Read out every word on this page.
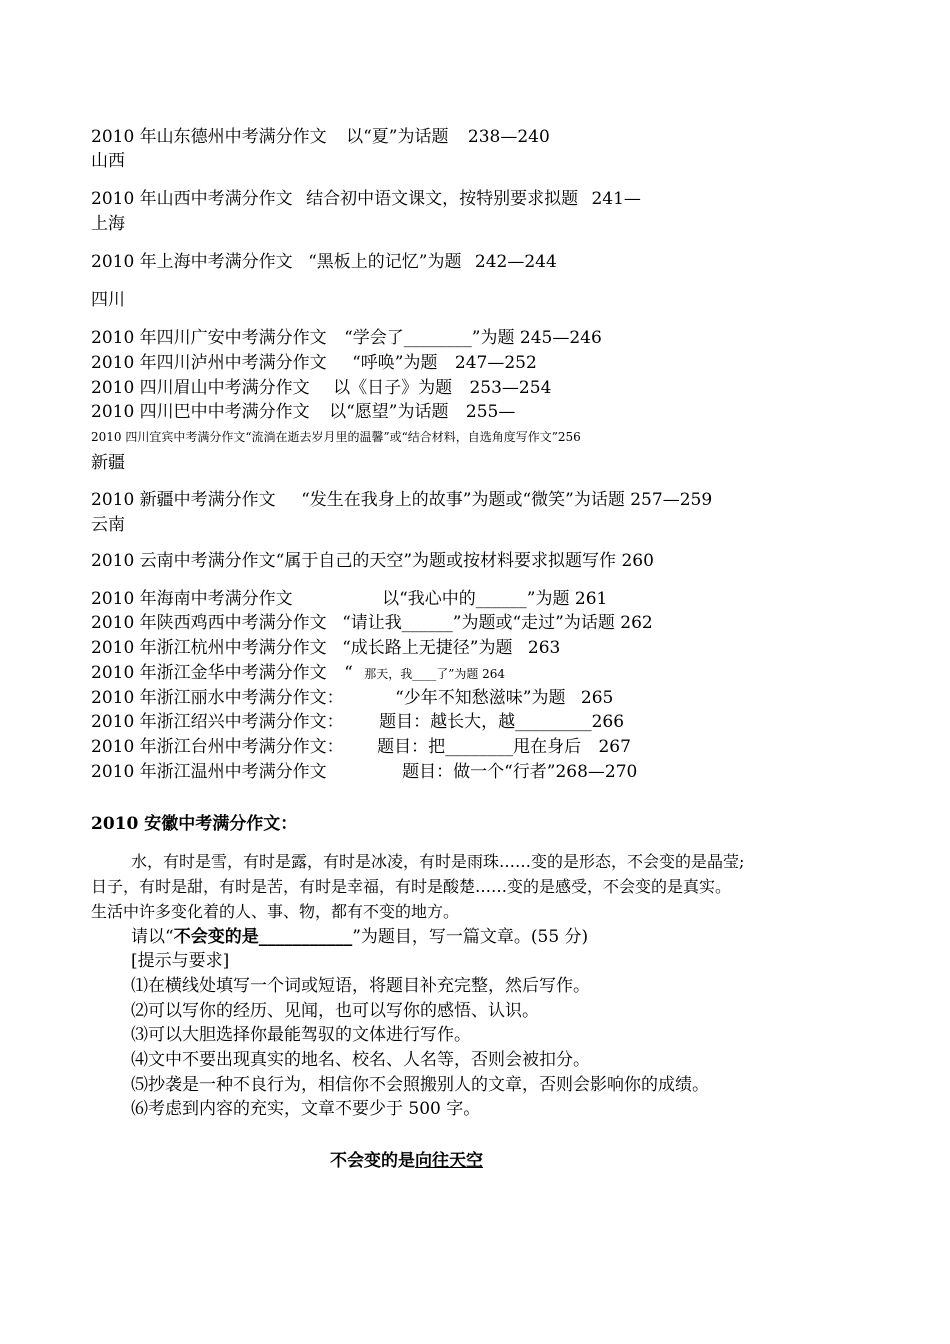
2010 年山东德州中考满分作文 以“夏”为话题 238—240
山西
2010 年山西中考满分作文 结合初中语文课文，按特别要求拟题 241—
上海
2010 年上海中考满分作文 “黑板上的记忆”为题 242—244
四川
2010 年四川广安中考满分作文 “学会了________”为题 245—246
2010 年四川泸州中考满分作文 “呼唤”为题 247—252
2010 四川眉山中考满分作文 以《日子》为题 253—254
2010 四川巴中中考满分作文 以“愿望”为话题 255—
2010 四川宜宾中考满分作文“流淌在逝去岁月里的温馨”或“结合材料，自选角度写作文”256
新疆
2010 新疆中考满分作文 “发生在我身上的故事”为题或“微笑”为话题 257—259
云南
2010 云南中考满分作文“属于自己的天空”为题或按材料要求拟题写作 260
2010 年海南中考满分作文	以“我心中的______”为题 261
2010 年陕西鸡西中考满分作文 “请让我______”为题或“走过”为话题 262
2010 年浙江杭州中考满分作文 “成长路上无捷径”为题 263
2010 年浙江金华中考满分作文 “ 那天，我____了”为题 264
2010 年浙江丽水中考满分作文：	“少年不知愁滋味”为题 265
2010 年浙江绍兴中考满分作文： 题目：越长大，越_________266
2010 年浙江台州中考满分作文： 题目：把________甩在身后 267
2010 年浙江温州中考满分作文	题目：做一个“行者”268—270
2010 安徽中考满分作文：
水，有时是雪，有时是露，有时是冰凌，有时是雨珠……变的是形态，不会变的是晶莹;
日子，有时是甜，有时是苦，有时是幸福，有时是酸楚……变的是感受，不会变的是真实。
生活中许多变化着的人、事、物，都有不变的地方。
请以“不会变的是___________”为题目，写一篇文章。(55 分)
[提示与要求]
⑴在横线处填写一个词或短语，将题目补充完整，然后写作。
⑵可以写你的经历、见闻，也可以写你的感悟、认识。
⑶可以大胆选择你最能驾驭的文体进行写作。
⑷文中不要出现真实的地名、校名、人名等，否则会被扣分。
⑸抄袭是一种不良行为，相信你不会照搬别人的文章，否则会影响你的成绩。
⑹考虑到内容的充实，文章不要少于 500 字。
不会变的是向往天空
